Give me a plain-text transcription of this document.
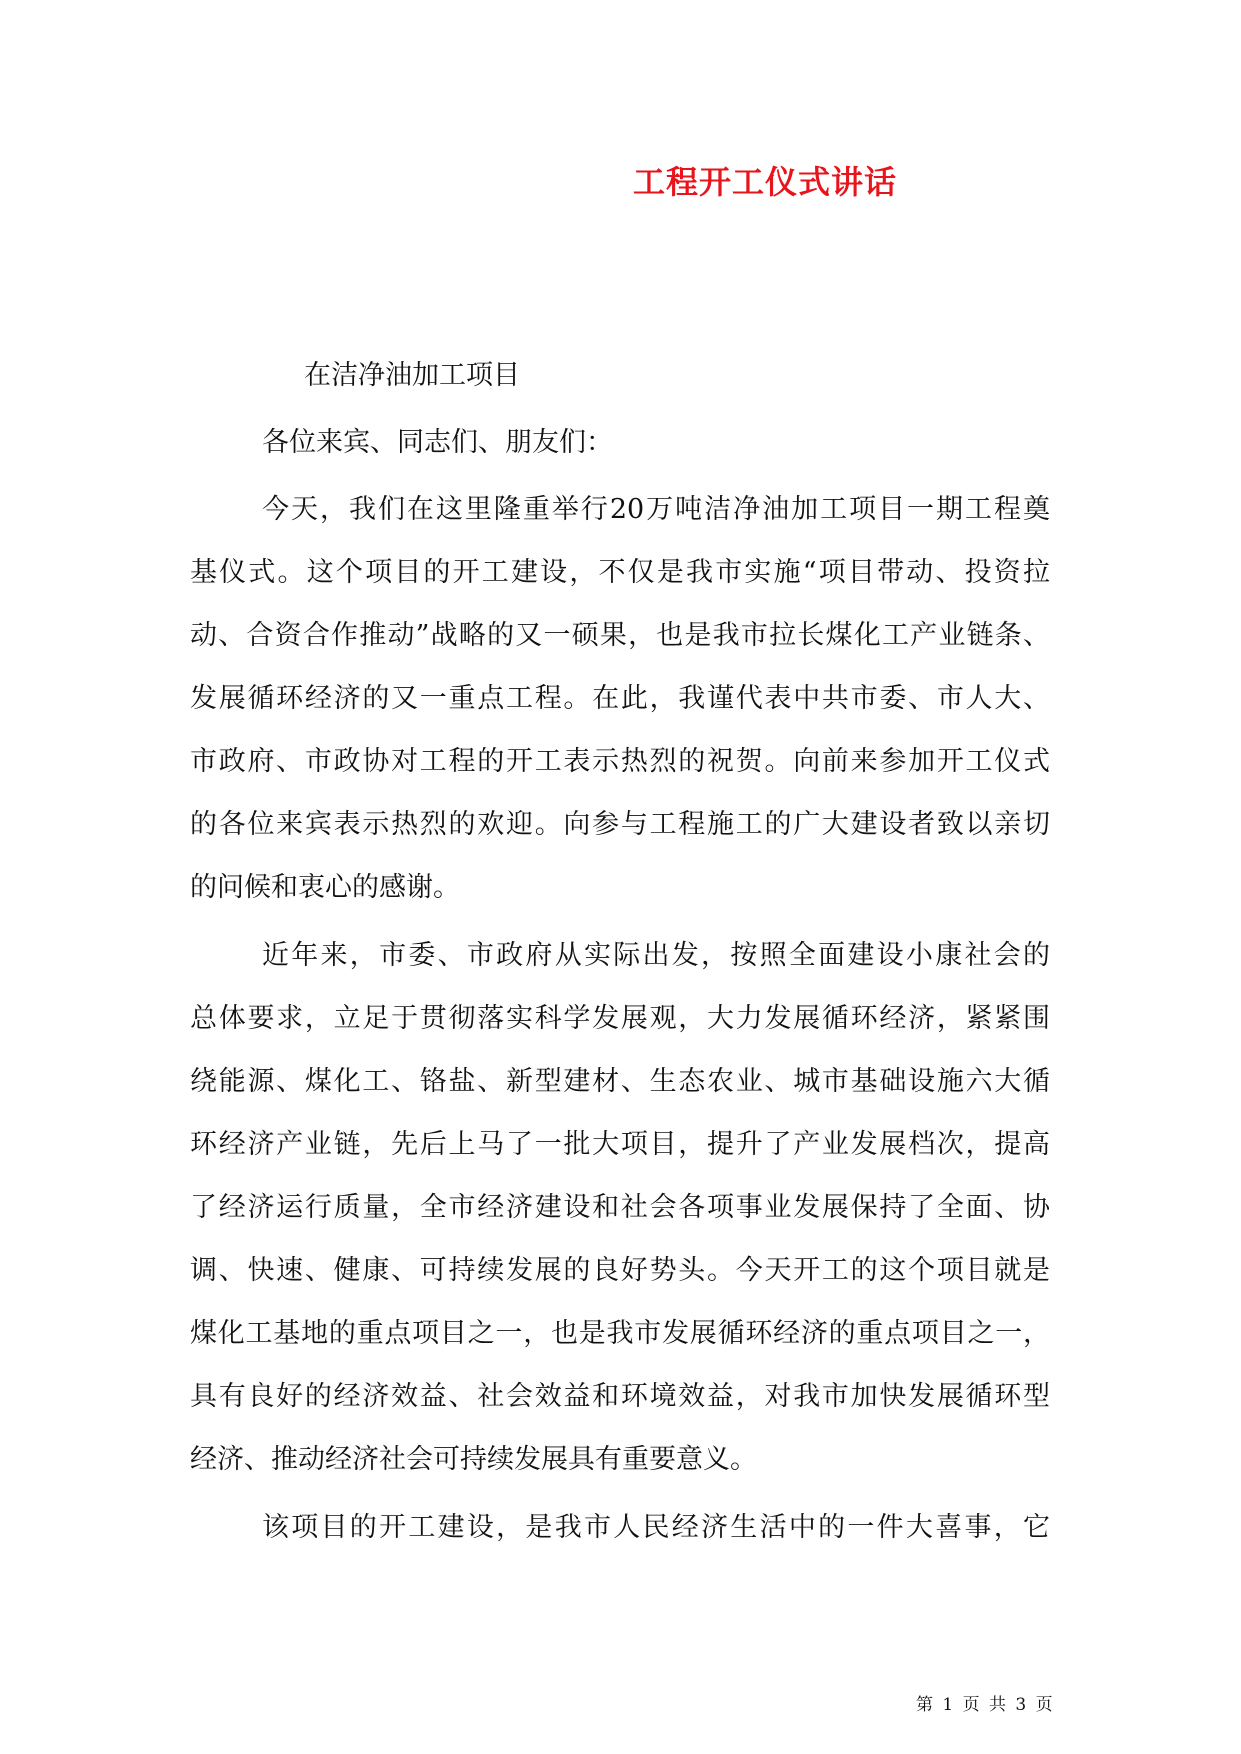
工程开工仪式讲话
在洁净油加工项目
各位来宾、同志们、朋友们：
今天，我们在这里隆重举行20万吨洁净油加工项目一期工程奠
基仪式。这个项目的开工建设，不仅是我市实施“项目带动、投资拉
动、合资合作推动”战略的又一硕果，也是我市拉长煤化工产业链条、
发展循环经济的又一重点工程。在此，我谨代表中共市委、市人大、
市政府、市政协对工程的开工表示热烈的祝贺。向前来参加开工仪式
的各位来宾表示热烈的欢迎。向参与工程施工的广大建设者致以亲切
的问候和衷心的感谢。
近年来，市委、市政府从实际出发，按照全面建设小康社会的
总体要求，立足于贯彻落实科学发展观，大力发展循环经济，紧紧围
绕能源、煤化工、铬盐、新型建材、生态农业、城市基础设施六大循
环经济产业链，先后上马了一批大项目，提升了产业发展档次，提高
了经济运行质量，全市经济建设和社会各项事业发展保持了全面、协
调、快速、健康、可持续发展的良好势头。今天开工的这个项目就是
煤化工基地的重点项目之一，也是我市发展循环经济的重点项目之一，
具有良好的经济效益、社会效益和环境效益，对我市加快发展循环型
经济、推动经济社会可持续发展具有重要意义。
该项目的开工建设，是我市人民经济生活中的一件大喜事，它
第 1 页 共 3 页
